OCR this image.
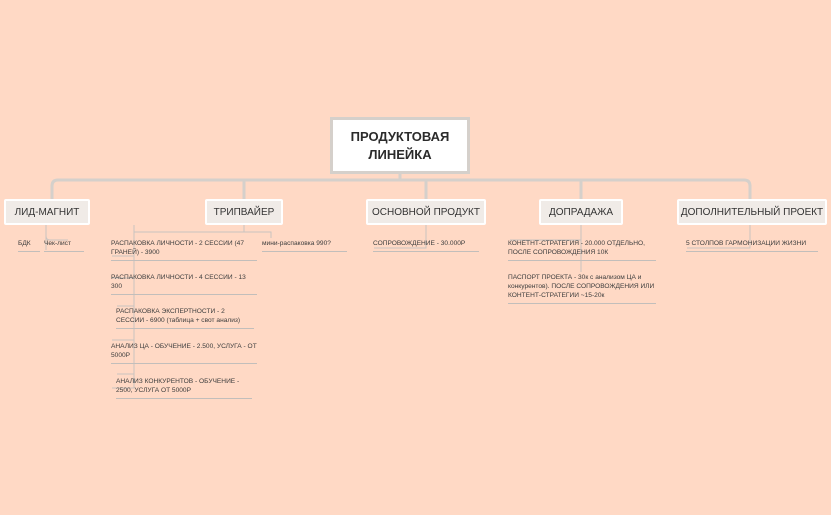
ПРОДУКТОВАЯ
ЛИНЕЙКА
ЛИД-МАГНИТ	ТРИПВАЙЕР	ОСНОВНОЙ ПРОДУКТ	ДОПРАДАЖА	ДОПОЛНИТЕЛЬНЫЙ ПРОЕКТ
БДК	Чек-лист	РАСПАКОВКА ЛИЧНОСТИ - 2 СЕССИИ (47 ГРАНЕЙ) - 3900
мини-распаковка 990?
РАСПАКОВКА ЛИЧНОСТИ - 4 СЕССИИ - 13 300
РАСПАКОВКА ЭКСПЕРТНОСТИ - 2 СЕССИИ - 6900 (таблица + свот анализ)
АНАЛИЗ ЦА - ОБУЧЕНИЕ - 2.500, УСЛУГА - ОТ 5000Р
АНАЛИЗ КОНКУРЕНТОВ - ОБУЧЕНИЕ - 2500, УСЛУГА ОТ 5000Р
СОПРОВОЖДЕНИЕ - 30.000Р	КОНЕТНТ-СТРАТЕГИЯ - 20.000 ОТДЕЛЬНО, ПОСЛЕ СОПРОВОЖДЕНИЯ 10К
ПАСПОРТ ПРОЕКТА - 30к с анализом ЦА и конкурентов). ПОСЛЕ СОПРОВОЖДЕНИЯ ИЛИ КОНТЕНТ-СТРАТЕГИИ ~15-20к
5 СТОЛПОВ ГАРМОНИЗАЦИИ ЖИЗНИ
